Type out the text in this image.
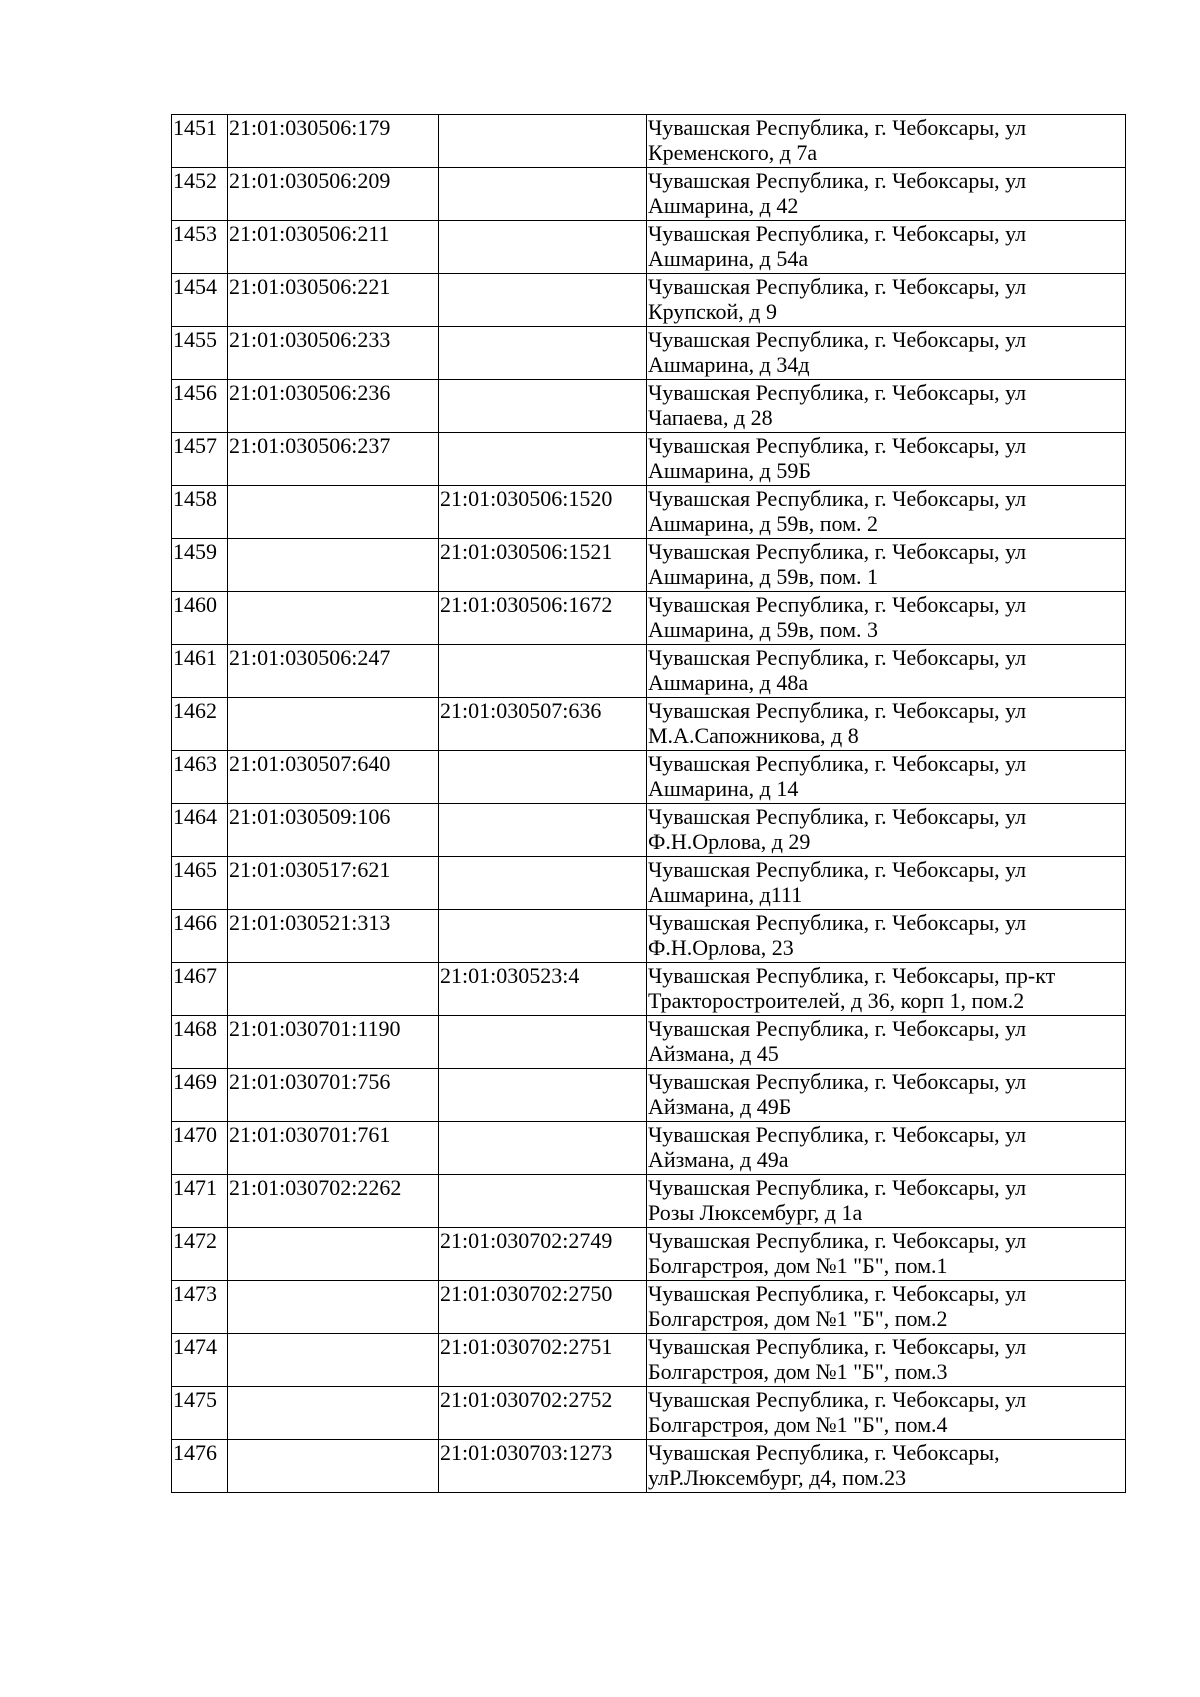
1451	21:01:030506:179		Чувашская Республика, г. Чебоксары, ул
Кременского, д 7а

1452	21:01:030506:209		Чувашская Республика, г. Чебоксары, ул
Ашмарина, д 42

1453	21:01:030506:211		Чувашская Республика, г. Чебоксары, ул
Ашмарина, д 54а

1454	21:01:030506:221		Чувашская Республика, г. Чебоксары, ул
Крупской, д 9

1455	21:01:030506:233		Чувашская Республика, г. Чебоксары, ул
Ашмарина, д 34д

1456	21:01:030506:236		Чувашская Республика, г. Чебоксары, ул
Чапаева, д 28

1457	21:01:030506:237		Чувашская Республика, г. Чебоксары, ул
Ашмарина, д 59Б

1458		21:01:030506:1520	Чувашская Республика, г. Чебоксары, ул
Ашмарина, д 59в, пом. 2

1459		21:01:030506:1521	Чувашская Республика, г. Чебоксары, ул
Ашмарина, д 59в, пом. 1

1460		21:01:030506:1672	Чувашская Республика, г. Чебоксары, ул
Ашмарина, д 59в, пом. 3

1461	21:01:030506:247		Чувашская Республика, г. Чебоксары, ул
Ашмарина, д 48а

1462		21:01:030507:636	Чувашская Республика, г. Чебоксары, ул
М.А.Сапожникова, д 8

1463	21:01:030507:640		Чувашская Республика, г. Чебоксары, ул
Ашмарина, д 14

1464	21:01:030509:106		Чувашская Республика, г. Чебоксары, ул
Ф.Н.Орлова, д 29

1465	21:01:030517:621		Чувашская Республика, г. Чебоксары, ул
Ашмарина, д111

1466	21:01:030521:313		Чувашская Республика, г. Чебоксары, ул
Ф.Н.Орлова, 23

1467		21:01:030523:4	Чувашская Республика, г. Чебоксары, пр-кт
Тракторостроителей, д 36, корп 1, пом.2

1468	21:01:030701:1190		Чувашская Республика, г. Чебоксары, ул
Айзмана, д 45

1469	21:01:030701:756		Чувашская Республика, г. Чебоксары, ул
Айзмана, д 49Б

1470	21:01:030701:761		Чувашская Республика, г. Чебоксары, ул
Айзмана, д 49а

1471	21:01:030702:2262		Чувашская Республика, г. Чебоксары, ул
Розы Люксембург, д 1а

1472		21:01:030702:2749	Чувашская Республика, г. Чебоксары, ул
Болгарстроя, дом №1 "Б", пом.1

1473		21:01:030702:2750	Чувашская Республика, г. Чебоксары, ул
Болгарстроя, дом №1 "Б", пом.2

1474		21:01:030702:2751	Чувашская Республика, г. Чебоксары, ул
Болгарстроя, дом №1 "Б", пом.3

1475		21:01:030702:2752	Чувашская Республика, г. Чебоксары, ул
Болгарстроя, дом №1 "Б", пом.4

1476		21:01:030703:1273	Чувашская Республика, г. Чебоксары,
улР.Люксембург, д4, пом.23
